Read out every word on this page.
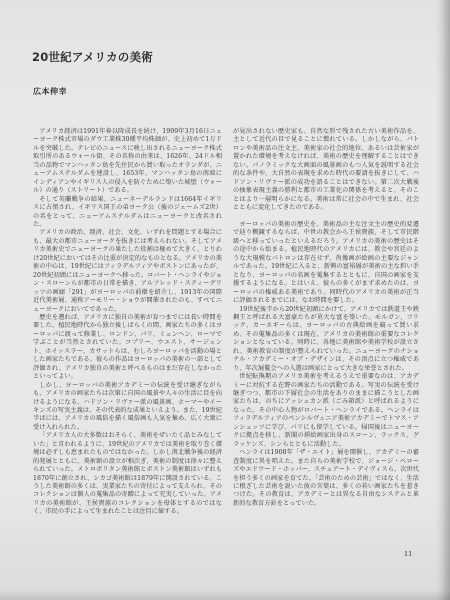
20世紀アメリカの美術
広本伸幸

アメリカ経済は1991年春以降成長を続け、1999年3月16日ニューヨーク株式市場のダウ工業株30種平均株価が、史上初めて1万ドルを突破した。テレビのニュースに映し出されるニューヨーク株式取引所のあるウォール街、その名称の由来は、1626年、24ドル相当の品物でマンハッタン島を先住民から買い取ったオランダが、ニューアムステルダムを建設し、1653年、マンハッタン島の南端にインディアンやイギリス人の侵入を防ぐために築いた城壁（ウォール）の通り（ストリート）である。

そして英蘭戦争の結果、ニューネーデルランドは1664年イギリスに占領され、イギリス国王の弟ヨーク公（後のジェームズ2世）の名をとって、ニューアムステルダムはニューヨークと改名された。

アメリカの政治、経済、社会、文化、いずれを問題とする場合にも、最大の都市ニューヨークを抜きには考えられない。そしてアメリカ美術史でニューヨークの果たした役割は極めて大きく、とりわけ20世紀においてはその比重が決定的なものとなる。アメリカの美術の中心は、19世紀にはフィラデルフィアやボストンにあったが、20世紀初頭にはニューヨークへ移った。ロバート・ヘンライやジョン・スローンらが都市の日常を描き、アルフレッド・スティーグリッツの画廊「291」がヨーロッパの前衛を紹介し、1913年の国際近代美術展、通称アーモリー・ショウが開催されたのも、すべてニューヨークにおいてであった。

歴史を遡れば、アメリカに独自の美術が育つまでには長い時間を要した。植民地時代から独立後しばらくの間、画家たちの多くはヨーロッパに渡って修業し、ロンドン、パリ、ミュンヘン、ローマで学ぶことが当然とされていた。コプリー、ウエスト、サージェント、ホイッスラー、カサットらは、むしろヨーロッパを活動の場とした画家たちである。彼らの作品はヨーロッパの美術の一部として評価され、アメリカ独自の美術と呼べるものはまだ存在しなかったといってよい。

しかし、ヨーロッパの美術アカデミーの伝統を受け継ぎながらも、アメリカの画家たちは次第に自国の風景や人々の生活に目を向けるようになる。ハドソン・リヴァー派の風景画、ホーマーやイーキンズの写実主義は、その代表的な成果といえよう。また、19世紀半ばには、アメリカの風俗を描く風俗画も人気を集め、広く大衆に受け入れられた。

「アメリカ人の大多数はおそらく、美術をぜいたく品とみなしていた」と言われるように、19世紀のアメリカでは美術を取り巻く環境は必ずしも恵まれたものではなかった。しかし南北戦争後の経済的発展とともに、美術館の設立が相次ぎ、美術の制度は徐々に整えられていった。メトロポリタン美術館とボストン美術館はいずれも1870年に創立され、シカゴ美術館は1879年に開設されている。こうした美術館の多くは、実業家たちの寄付によって支えられ、そのコレクションは個人の蒐集品の寄贈によって充実していった。アメリカの美術館が、王侯貴族のコレクションを母体とするのではなく、市民の手によって生まれたことは注目に値する。

が見出されない歴史家も、自然な形で残された古い美術作品を、主として近代の目で見ることに慣れている。しかしながら、パトロンや美術品の注文主、美術家の社会的地位、あるいは芸術家が置かれた環境を考えなければ、美術の歴史を理解することはできない。パノラミックな大画面の風景画のもつ人気を説明する社会的な条件や、大自然の表現を求めた時代の要請を抜きにして、ハドソン・リヴァー派の成功を語ることはできない。第二次大戦後の抽象表現主義の勝利と都市の工業化の関係を考えると、そのことはより一層明らかになる。美術は常に社会の中で生まれ、社会とともに変化してきたのである。

ヨーロッパの美術の歴史を、美術品の主な注文主の歴史的変遷で辿り概観するならば、中世の教会から王侯貴族、そして市民階級へと移っていったといえるだろう。アメリカの美術の歴史はその途中から始まる。植民地時代のアメリカには、教会や宮廷のような大規模なパトロンは存在せず、肖像画が絵画の主要なジャンルであった。19世紀に入ると、新興の富裕層が美術の主な担い手となり、ヨーロッパの名画を蒐集するとともに、自国の画家を支援するようになる。とはいえ、彼らの多くがまず求めたのは、ヨーロッパの権威ある美術であり、同時代のアメリカの美術が正当に評価されるまでには、なお時間を要した。

19世紀後半から20世紀初頭にかけて、アメリカでは鉄道王や鉄鋼王と呼ばれる大富豪たちが莫大な富を築いた。モルガン、フリック、カーネギーらは、ヨーロッパの古典絵画を競って買い求め、その蒐集品の多くは現在、アメリカの美術館の重要なコレクションとなっている。同時に、各地に美術館や美術学校が設立され、美術教育の制度が整えられていった。ニューヨークのナショナル・アカデミー・オブ・デザインは、その頂点に立つ権威であり、年次展覧会への入選は画家にとって大きな栄誉とされた。

世紀転換期のアメリカ美術を考えるうえで重要なのは、アカデミーに対抗する在野の画家たちの活動である。写実の伝統を受け継ぎつつ、都市の下層社会の生活をありのままに描こうとした画家たちは、のちにアッシュカン派（ごみ箱派）と呼ばれるようになった。その中心人物がロバート・ヘンライである。ヘンライはフィラデルフィアのペンシルヴェニア美術アカデミーでトマス・アンシュッツに学び、パリにも留学している。帰国後はニューヨークに拠点を移し、新聞の挿絵画家出身のスローン、ラックス、グラッケンズ、シンらとともに活動した。

ヘンライは1908年「ザ・エイト」展を開催し、アカデミーの審査制度に異を唱えた。また自らの美術学校で、ジョージ・ベローズやエドワード・ホッパー、スチュアート・デイヴィスら、次世代を担う多くの画家を育てた。「芸術のための芸術」ではなく、生活に根ざした芸術を説いた彼の言葉は、多くの若い画家たちを惹きつけた。その教育は、アカデミーとは異なる自由なシステムと革新的な教育方針をとっていた。

11
